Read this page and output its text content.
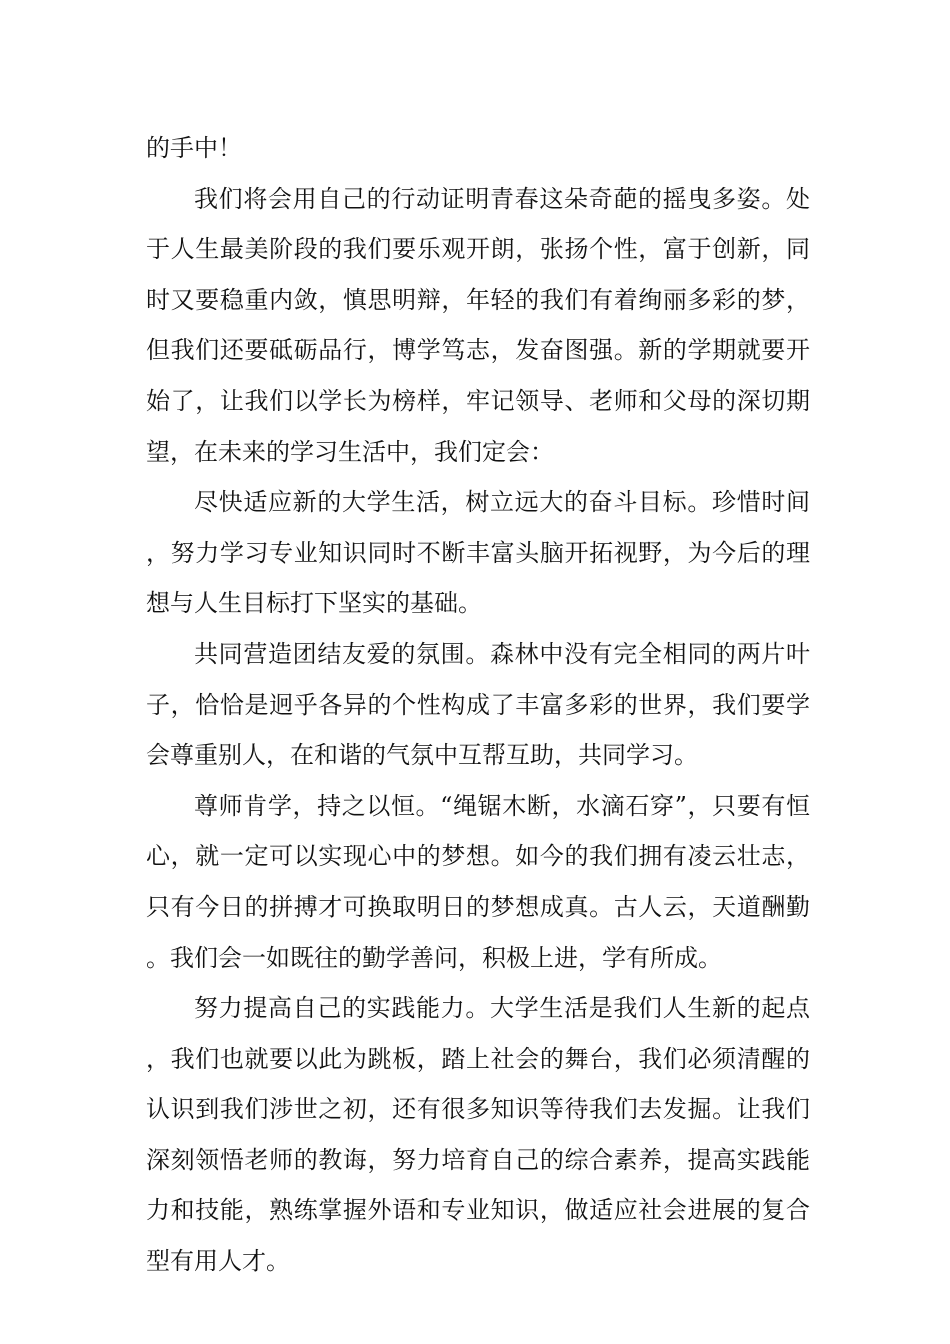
的手中！

我们将会用自己的行动证明青春这朵奇葩的摇曳多姿。处于人生最美阶段的我们要乐观开朗，张扬个性，富于创新，同时又要稳重内敛，慎思明辩，年轻的我们有着绚丽多彩的梦，但我们还要砥砺品行，博学笃志，发奋图强。新的学期就要开始了，让我们以学长为榜样，牢记领导、老师和父母的深切期望，在未来的学习生活中，我们定会：

尽快适应新的大学生活，树立远大的奋斗目标。珍惜时间，努力学习专业知识同时不断丰富头脑开拓视野，为今后的理想与人生目标打下坚实的基础。

共同营造团结友爱的氛围。森林中没有完全相同的两片叶子，恰恰是迥乎各异的个性构成了丰富多彩的世界，我们要学会尊重别人，在和谐的气氛中互帮互助，共同学习。

尊师肯学，持之以恒。“绳锯木断，水滴石穿”，只要有恒心，就一定可以实现心中的梦想。如今的我们拥有凌云壮志，只有今日的拼搏才可换取明日的梦想成真。古人云，天道酬勤。我们会一如既往的勤学善问，积极上进，学有所成。

努力提高自己的实践能力。大学生活是我们人生新的起点，我们也就要以此为跳板，踏上社会的舞台，我们必须清醒的认识到我们涉世之初，还有很多知识等待我们去发掘。让我们深刻领悟老师的教诲，努力培育自己的综合素养，提高实践能力和技能，熟练掌握外语和专业知识，做适应社会进展的复合型有用人才。
